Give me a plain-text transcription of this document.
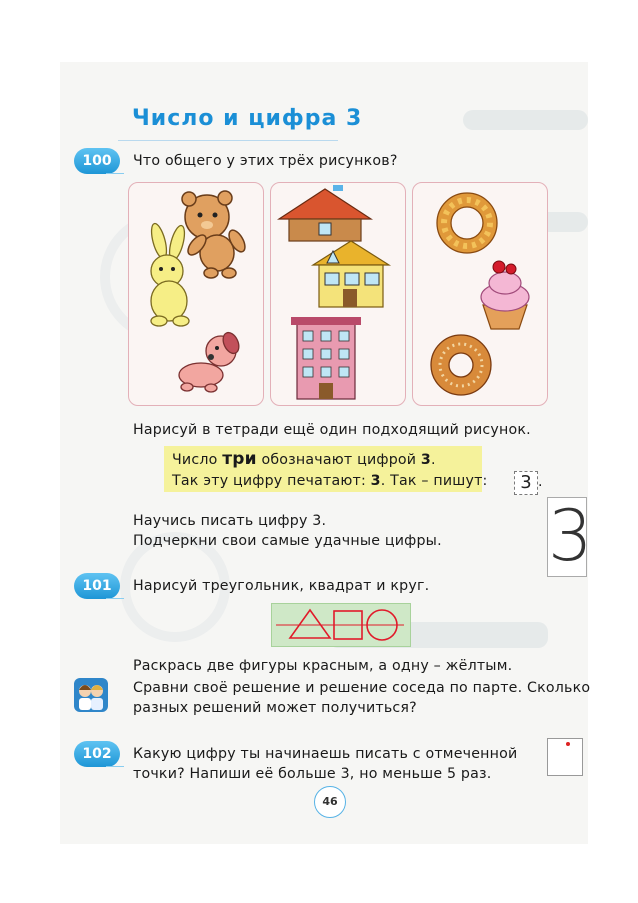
Число и цифра 3
100	Что общего у этих трёх рисунков?
Нарисуй в тетради ещё один подходящий рисунок.
Число три обозначают цифрой 3.
Так эту цифру печатают: 3. Так – пишут:	3 .
Научись писать цифру 3.
Подчеркни свои самые удачные цифры. 3
101	Нарисуй треугольник, квадрат и круг.
Раскрась две фигуры красным, а одну – жёлтым.
Сравни своё решение и решение соседа по парте. Сколько
разных решений может получиться?
102	Какую цифру ты начинаешь писать с отмеченной
точки? Напиши её больше 3, но меньше 5 раз.
46
